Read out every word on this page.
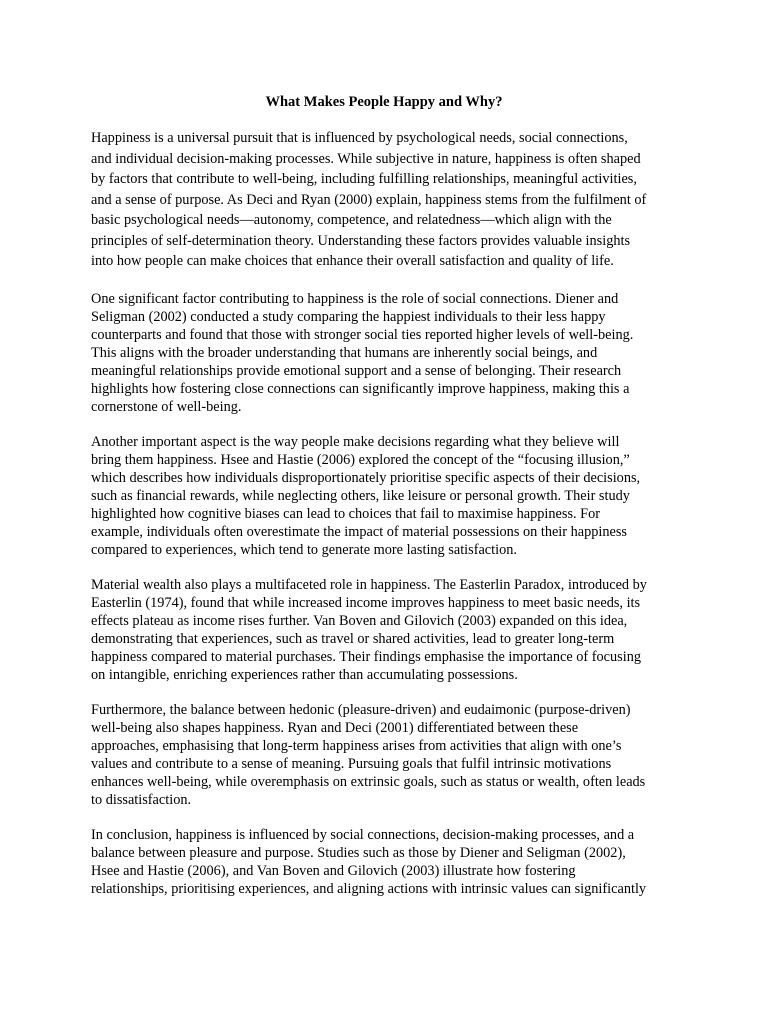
What Makes People Happy and Why?

Happiness is a universal pursuit that is influenced by psychological needs, social connections,
and individual decision-making processes. While subjective in nature, happiness is often shaped
by factors that contribute to well-being, including fulfilling relationships, meaningful activities,
and a sense of purpose. As Deci and Ryan (2000) explain, happiness stems from the fulfilment of
basic psychological needs—autonomy, competence, and relatedness—which align with the
principles of self-determination theory. Understanding these factors provides valuable insights
into how people can make choices that enhance their overall satisfaction and quality of life.

One significant factor contributing to happiness is the role of social connections. Diener and
Seligman (2002) conducted a study comparing the happiest individuals to their less happy
counterparts and found that those with stronger social ties reported higher levels of well-being.
This aligns with the broader understanding that humans are inherently social beings, and
meaningful relationships provide emotional support and a sense of belonging. Their research
highlights how fostering close connections can significantly improve happiness, making this a
cornerstone of well-being.

Another important aspect is the way people make decisions regarding what they believe will
bring them happiness. Hsee and Hastie (2006) explored the concept of the “focusing illusion,”
which describes how individuals disproportionately prioritise specific aspects of their decisions,
such as financial rewards, while neglecting others, like leisure or personal growth. Their study
highlighted how cognitive biases can lead to choices that fail to maximise happiness. For
example, individuals often overestimate the impact of material possessions on their happiness
compared to experiences, which tend to generate more lasting satisfaction.

Material wealth also plays a multifaceted role in happiness. The Easterlin Paradox, introduced by
Easterlin (1974), found that while increased income improves happiness to meet basic needs, its
effects plateau as income rises further. Van Boven and Gilovich (2003) expanded on this idea,
demonstrating that experiences, such as travel or shared activities, lead to greater long-term
happiness compared to material purchases. Their findings emphasise the importance of focusing
on intangible, enriching experiences rather than accumulating possessions.

Furthermore, the balance between hedonic (pleasure-driven) and eudaimonic (purpose-driven)
well-being also shapes happiness. Ryan and Deci (2001) differentiated between these
approaches, emphasising that long-term happiness arises from activities that align with one’s
values and contribute to a sense of meaning. Pursuing goals that fulfil intrinsic motivations
enhances well-being, while overemphasis on extrinsic goals, such as status or wealth, often leads
to dissatisfaction.

In conclusion, happiness is influenced by social connections, decision-making processes, and a
balance between pleasure and purpose. Studies such as those by Diener and Seligman (2002),
Hsee and Hastie (2006), and Van Boven and Gilovich (2003) illustrate how fostering
relationships, prioritising experiences, and aligning actions with intrinsic values can significantly
